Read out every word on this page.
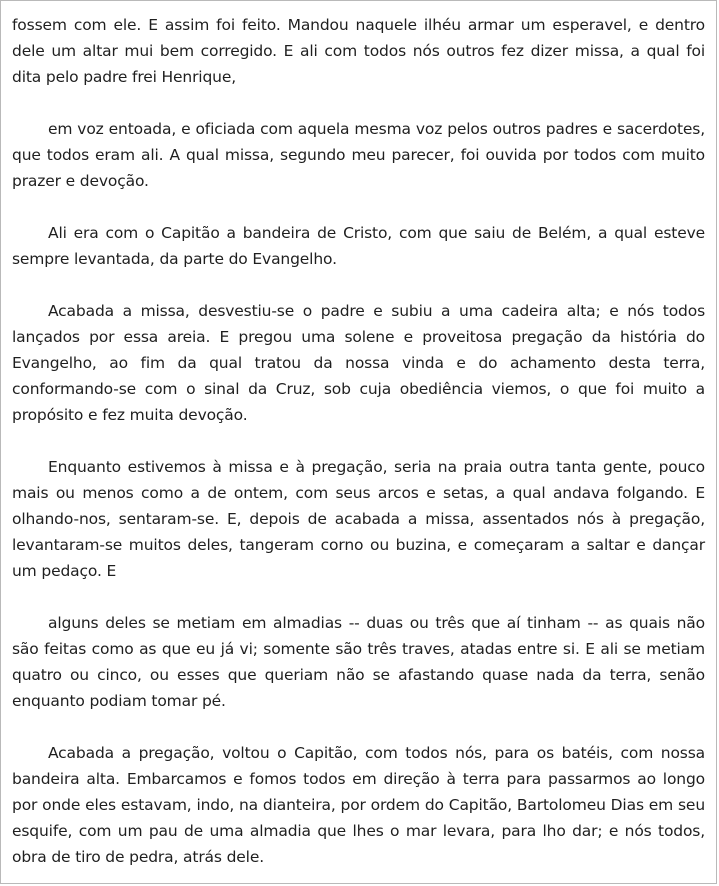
fossem com ele. E assim foi feito. Mandou naquele ilhéu armar um esperavel, e dentro dele um altar mui bem corregido. E ali com todos nós outros fez dizer missa, a qual foi dita pelo padre frei Henrique,

em voz entoada, e oficiada com aquela mesma voz pelos outros padres e sacerdotes, que todos eram ali. A qual missa, segundo meu parecer, foi ouvida por todos com muito prazer e devoção.

Ali era com o Capitão a bandeira de Cristo, com que saiu de Belém, a qual esteve sempre levantada, da parte do Evangelho.

Acabada a missa, desvestiu-se o padre e subiu a uma cadeira alta; e nós todos lançados por essa areia. E pregou uma solene e proveitosa pregação da história do Evangelho, ao fim da qual tratou da nossa vinda e do achamento desta terra, conformando-se com o sinal da Cruz, sob cuja obediência viemos, o que foi muito a propósito e fez muita devoção.

Enquanto estivemos à missa e à pregação, seria na praia outra tanta gente, pouco mais ou menos como a de ontem, com seus arcos e setas, a qual andava folgando. E olhando-nos, sentaram-se. E, depois de acabada a missa, assentados nós à pregação, levantaram-se muitos deles, tangeram corno ou buzina, e começaram a saltar e dançar um pedaço. E

alguns deles se metiam em almadias -- duas ou três que aí tinham -- as quais não são feitas como as que eu já vi; somente são três traves, atadas entre si. E ali se metiam quatro ou cinco, ou esses que queriam não se afastando quase nada da terra, senão enquanto podiam tomar pé.

Acabada a pregação, voltou o Capitão, com todos nós, para os batéis, com nossa bandeira alta. Embarcamos e fomos todos em direção à terra para passarmos ao longo por onde eles estavam, indo, na dianteira, por ordem do Capitão, Bartolomeu Dias em seu esquife, com um pau de uma almadia que lhes o mar levara, para lho dar; e nós todos, obra de tiro de pedra, atrás dele.
